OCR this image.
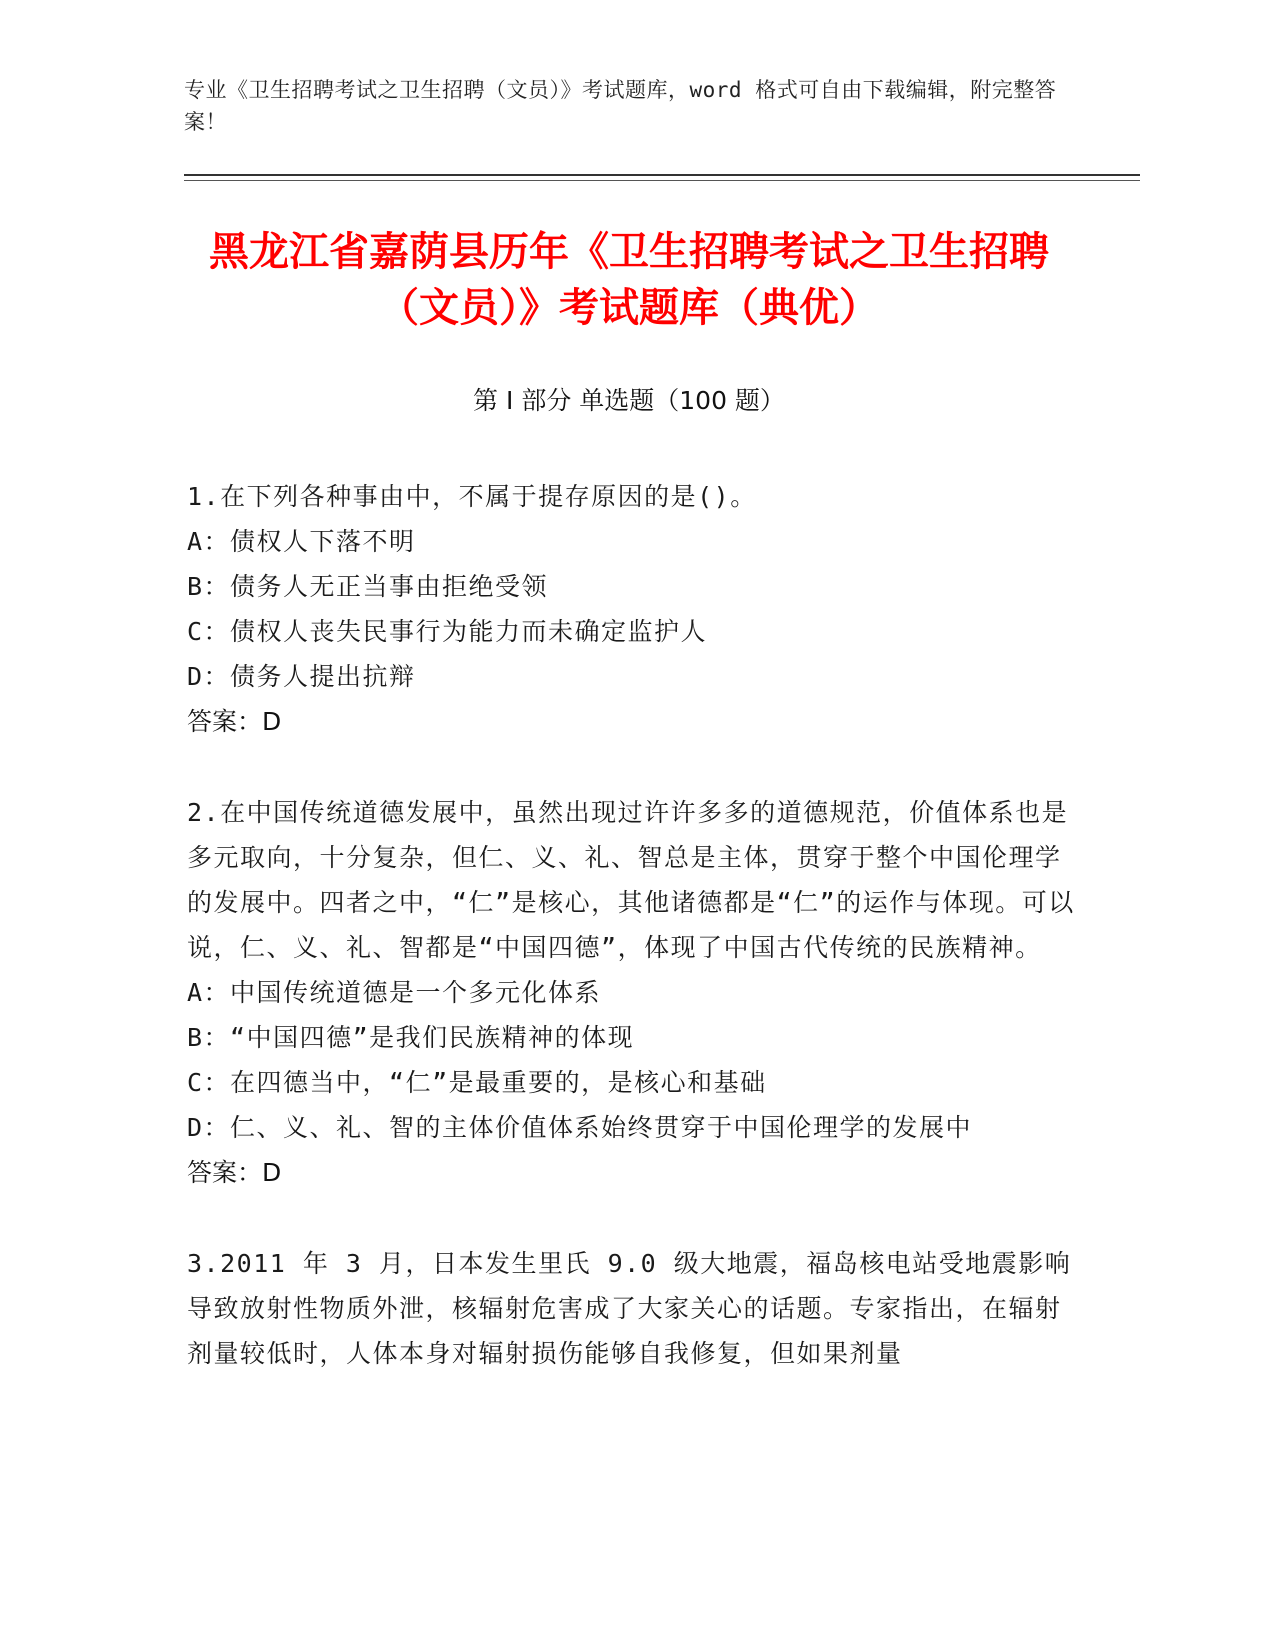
专业《卫生招聘考试之卫生招聘（文员）》考试题库，word 格式可自由下载编辑，附完整答案！
黑龙江省嘉荫县历年《卫生招聘考试之卫生招聘（文员）》考试题库（典优）
第 I 部分 单选题（100 题）

1.在下列各种事由中，不属于提存原因的是()。

A：债权人下落不明

B：债务人无正当事由拒绝受领

C：债权人丧失民事行为能力而未确定监护人

D：债务人提出抗辩

答案：D

2.在中国传统道德发展中，虽然出现过许许多多的道德规范，价值体系也是多元取向，十分复杂，但仁、义、礼、智总是主体，贯穿于整个中国伦理学的发展中。四者之中，“仁”是核心，其他诸德都是“仁”的运作与体现。可以说，仁、义、礼、智都是“中国四德”，体现了中国古代传统的民族精神。

A：中国传统道德是一个多元化体系

B：“中国四德”是我们民族精神的体现

C：在四德当中，“仁”是最重要的，是核心和基础

D：仁、义、礼、智的主体价值体系始终贯穿于中国伦理学的发展中

答案：D

3.2011 年 3 月，日本发生里氏 9.0 级大地震，福岛核电站受地震影响导致放射性物质外泄，核辐射危害成了大家关心的话题。专家指出，在辐射剂量较低时，人体本身对辐射损伤能够自我修复，但如果剂量
